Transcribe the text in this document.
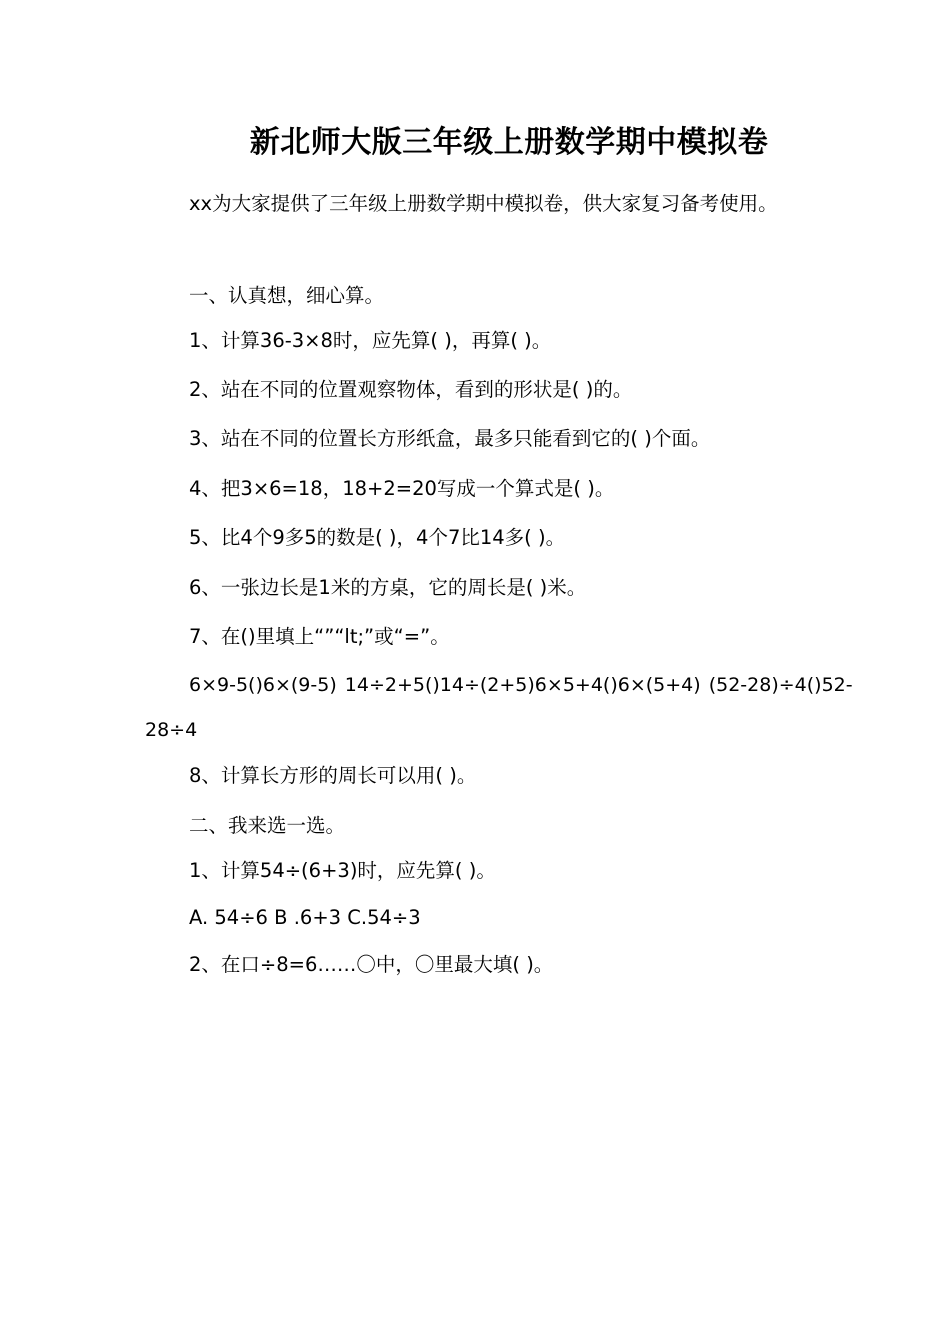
新北师大版三年级上册数学期中模拟卷
xx为大家提供了三年级上册数学期中模拟卷，供大家复习备考使用。
一、认真想，细心算。
1、计算36-3×8时，应先算( )，再算( )。
2、站在不同的位置观察物体，看到的形状是( )的。
3、站在不同的位置长方形纸盒，最多只能看到它的( )个面。
4、把3×6=18，18+2=20写成一个算式是( )。
5、比4个9多5的数是( )，4个7比14多( )。
6、一张边长是1米的方桌，它的周长是( )米。
7、在()里填上“”“lt;”或“=”。
6×9-5()6×(9-5) 14÷2+5()14÷(2+5)6×5+4()6×(5+4) (52-28)÷4()52-
28÷4
8、计算长方形的周长可以用( )。
二、我来选一选。
1、计算54÷(6+3)时，应先算( )。
A. 54÷6 B .6+3 C.54÷3
2、在口÷8=6……〇中，〇里最大填( )。
